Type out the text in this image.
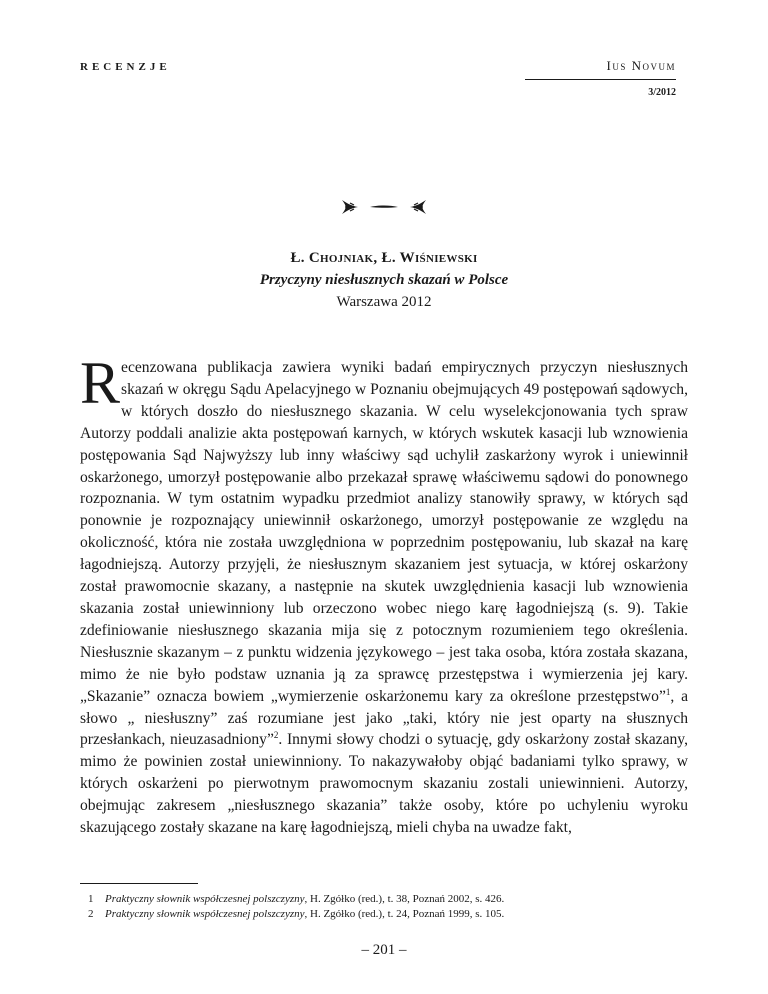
RECENZJE	Ius Novum
3/2012
Ł. Chojniak, Ł. Wiśniewski
Przyczyny niesłusznych skazań w Polsce
Warszawa 2012

Recenzowana publikacja zawiera wyniki badań empirycznych przyczyn niesłusznych skazań w okręgu Sądu Apelacyjnego w Poznaniu obejmujących 49 postępowań sądowych, w których doszło do niesłusznego skazania. W celu wyselekcjonowania tych spraw Autorzy poddali analizie akta postępowań karnych, w których wskutek kasacji lub wznowienia postępowania Sąd Najwyższy lub inny właściwy sąd uchylił zaskarżony wyrok i uniewinnił oskarżonego, umorzył postępowanie albo przekazał sprawę właściwemu sądowi do ponownego rozpoznania. W tym ostatnim wypadku przedmiot analizy stanowiły sprawy, w których sąd ponownie je rozpoznający uniewinnił oskarżonego, umorzył postępowanie ze względu na okoliczność, która nie została uwzględniona w poprzednim postępowaniu, lub skazał na karę łagodniejszą. Autorzy przyjęli, że niesłusznym skazaniem jest sytuacja, w której oskarżony został prawomocnie skazany, a następnie na skutek uwzględnienia kasacji lub wznowienia skazania został uniewinniony lub orzeczono wobec niego karę łagodniejszą (s. 9). Takie zdefiniowanie niesłusznego skazania mija się z potocznym rozumieniem tego określenia. Niesłusznie skazanym – z punktu widzenia językowego – jest taka osoba, która została skazana, mimo że nie było podstaw uznania ją za sprawcę przestępstwa i wymierzenia jej kary. „Skazanie” oznacza bowiem „wymierzenie oskarżonemu kary za określone przestępstwo”$^1$, a słowo „ niesłuszny” zaś rozumiane jest jako „taki, który nie jest oparty na słusznych przesłankach, nieuzasadniony”$^2$. Innymi słowy chodzi o sytuację, gdy oskarżony został skazany, mimo że powinien został uniewinniony. To nakazywałoby objąć badaniami tylko sprawy, w których oskarżeni po pierwotnym prawomocnym skazaniu zostali uniewinnieni. Autorzy, obejmując zakresem „niesłusznego skazania” także osoby, które po uchyleniu wyroku skazującego zostały skazane na karę łagodniejszą, mieli chyba na uwadze fakt,

1 Praktyczny słownik współczesnej polszczyzny, H. Zgółko (red.), t. 38, Poznań 2002, s. 426.

2 Praktyczny słownik współczesnej polszczyzny, H. Zgółko (red.), t. 24, Poznań 1999, s. 105.

– 201 –
